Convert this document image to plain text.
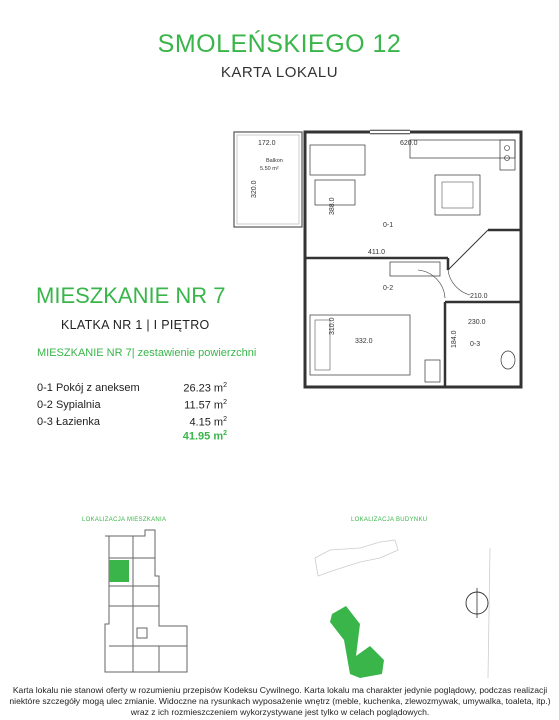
SMOLEŃSKIEGO 12
KARTA LOKALU
172.0	620.0
320.0
388.0
411.0
210.0
230.0
310.0
184.0
332.0
Balkon
5.50 m²
0-1
0-2
0-3
MIESZKANIE NR 7
KLATKA NR 1 | I PIĘTRO
MIESZKANIE NR 7| zestawienie powierzchni
0-1 Pokój z aneksem	26.23 $m^2$
0-2 Sypialnia	11.57 $m^2$
0-3 Łazienka	4.15 $m^2$
41.95 $m^2$
LOKALIZACJA MIESZKANIA	LOKALIZACJA BUDYNKU
Karta lokalu nie stanowi oferty w rozumieniu przepisów Kodeksu Cywilnego. Karta lokalu ma charakter jedynie poglądowy, podczas realizacji niektóre szczegóły mogą ulec zmianie. Widoczne na rysunkach wyposażenie wnętrz (meble, kuchenka, zlewozmywak, umywalka, toaleta, itp.) wraz z ich rozmieszczeniem wykorzystywane jest tylko w celach poglądowych.
